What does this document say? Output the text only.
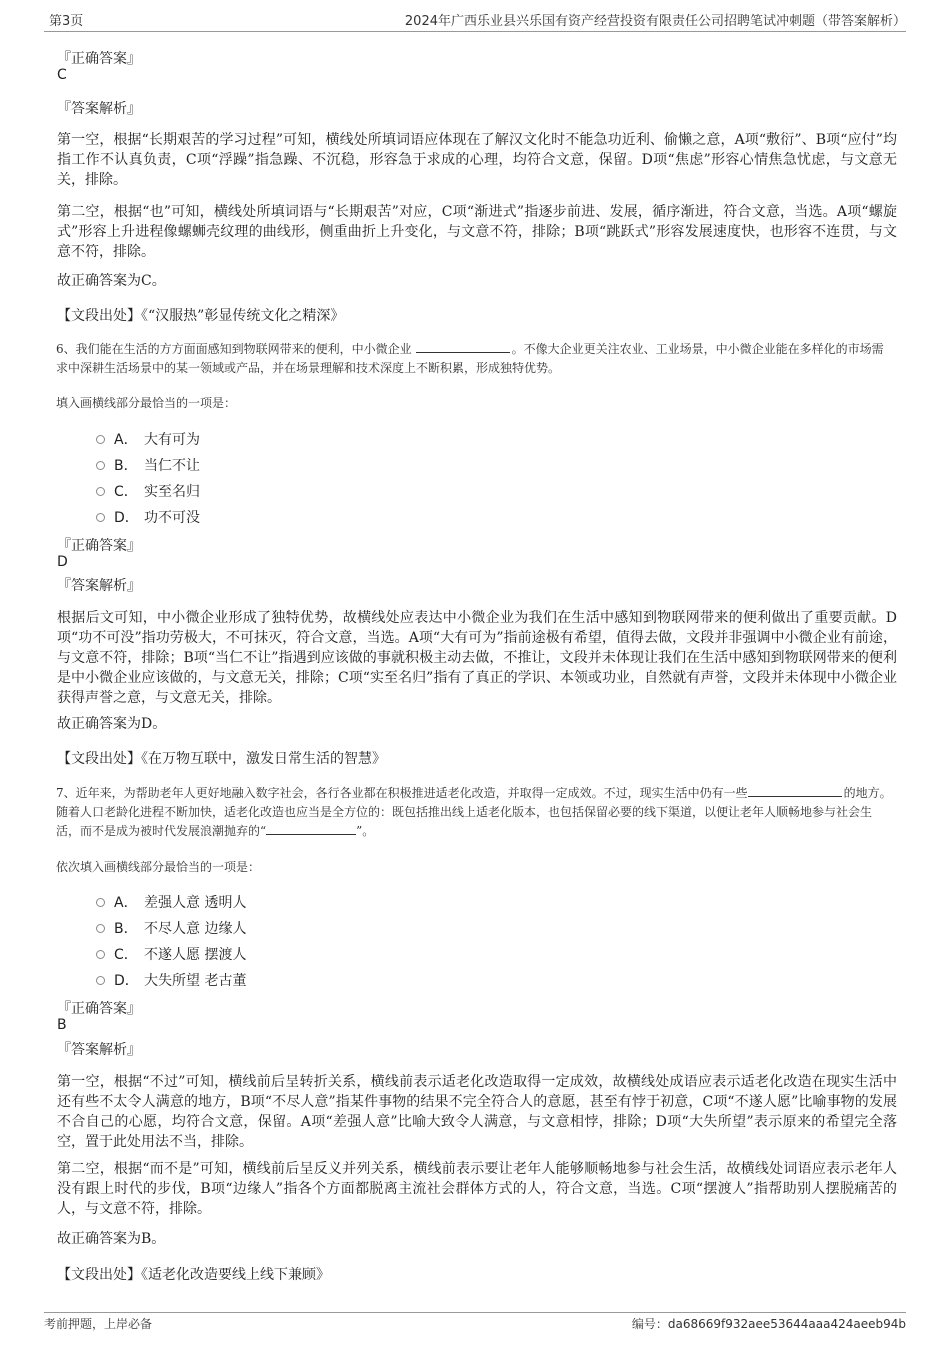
第3页	2024年广西乐业县兴乐国有资产经营投资有限责任公司招聘笔试冲刺题（带答案解析）
『正确答案』
C
『答案解析』
第一空，根据“长期艰苦的学习过程”可知，横线处所填词语应体现在了解汉文化时不能急功近利、偷懒之意，A项“敷衍”、B项“应付”均指工作不认真负责，C项“浮躁”指急躁、不沉稳，形容急于求成的心理，均符合文意，保留。D项“焦虑”形容心情焦急忧虑，与文意无关，排除。
第二空，根据“也”可知，横线处所填词语与“长期艰苦”对应，C项“渐进式”指逐步前进、发展，循序渐进，符合文意，当选。A项“螺旋式”形容上升进程像螺蛳壳纹理的曲线形，侧重曲折上升变化，与文意不符，排除；B项“跳跃式”形容发展速度快，也形容不连贯，与文意不符，排除。
故正确答案为C。
【文段出处】《“汉服热”彰显传统文化之精深》
6、我们能在生活的方方面面感知到物联网带来的便利，中小微企业	。不像大企业更关注农业、工业场景，中小微企业能在多样化的市场需求中深耕生活场景中的某一领域或产品，并在场景理解和技术深度上不断积累，形成独特优势。
填入画横线部分最恰当的一项是：
A． 大有可为
B． 当仁不让
C． 实至名归
D． 功不可没
『正确答案』
D
『答案解析』
根据后文可知，中小微企业形成了独特优势，故横线处应表达中小微企业为我们在生活中感知到物联网带来的便利做出了重要贡献。D项“功不可没”指功劳极大，不可抹灭，符合文意，当选。A项“大有可为”指前途极有希望，值得去做，文段并非强调中小微企业有前途，与文意不符，排除；B项“当仁不让”指遇到应该做的事就积极主动去做，不推让，文段并未体现让我们在生活中感知到物联网带来的便利是中小微企业应该做的，与文意无关，排除；C项“实至名归”指有了真正的学识、本领或功业，自然就有声誉，文段并未体现中小微企业获得声誉之意，与文意无关，排除。
故正确答案为D。
【文段出处】《在万物互联中，激发日常生活的智慧》
7、近年来，为帮助老年人更好地融入数字社会，各行各业都在积极推进适老化改造，并取得一定成效。不过，现实生活中仍有一些	的地方。随着人口老龄化进程不断加快，适老化改造也应当是全方位的：既包括推出线上适老化版本，也包括保留必要的线下渠道，以便让老年人顺畅地参与社会生活，而不是成为被时代发展浪潮抛弃的“	”。
依次填入画横线部分最恰当的一项是：
A． 差强人意 透明人
B． 不尽人意 边缘人
C． 不遂人愿 摆渡人
D． 大失所望 老古董
『正确答案』
B
『答案解析』
第一空，根据“不过”可知，横线前后呈转折关系，横线前表示适老化改造取得一定成效，故横线处成语应表示适老化改造在现实生活中还有些不太令人满意的地方，B项“不尽人意”指某件事物的结果不完全符合人的意愿，甚至有悖于初意，C项“不遂人愿”比喻事物的发展不合自己的心愿，均符合文意，保留。A项“差强人意”比喻大致令人满意，与文意相悖，排除；D项“大失所望”表示原来的希望完全落空，置于此处用法不当，排除。
第二空，根据“而不是”可知，横线前后呈反义并列关系，横线前表示要让老年人能够顺畅地参与社会生活，故横线处词语应表示老年人没有跟上时代的步伐，B项“边缘人”指各个方面都脱离主流社会群体方式的人，符合文意，当选。C项“摆渡人”指帮助别人摆脱痛苦的人，与文意不符，排除。
故正确答案为B。
【文段出处】《适老化改造要线上线下兼顾》
考前押题，上岸必备	编号：da68669f932aee53644aaa424aeeb94b
